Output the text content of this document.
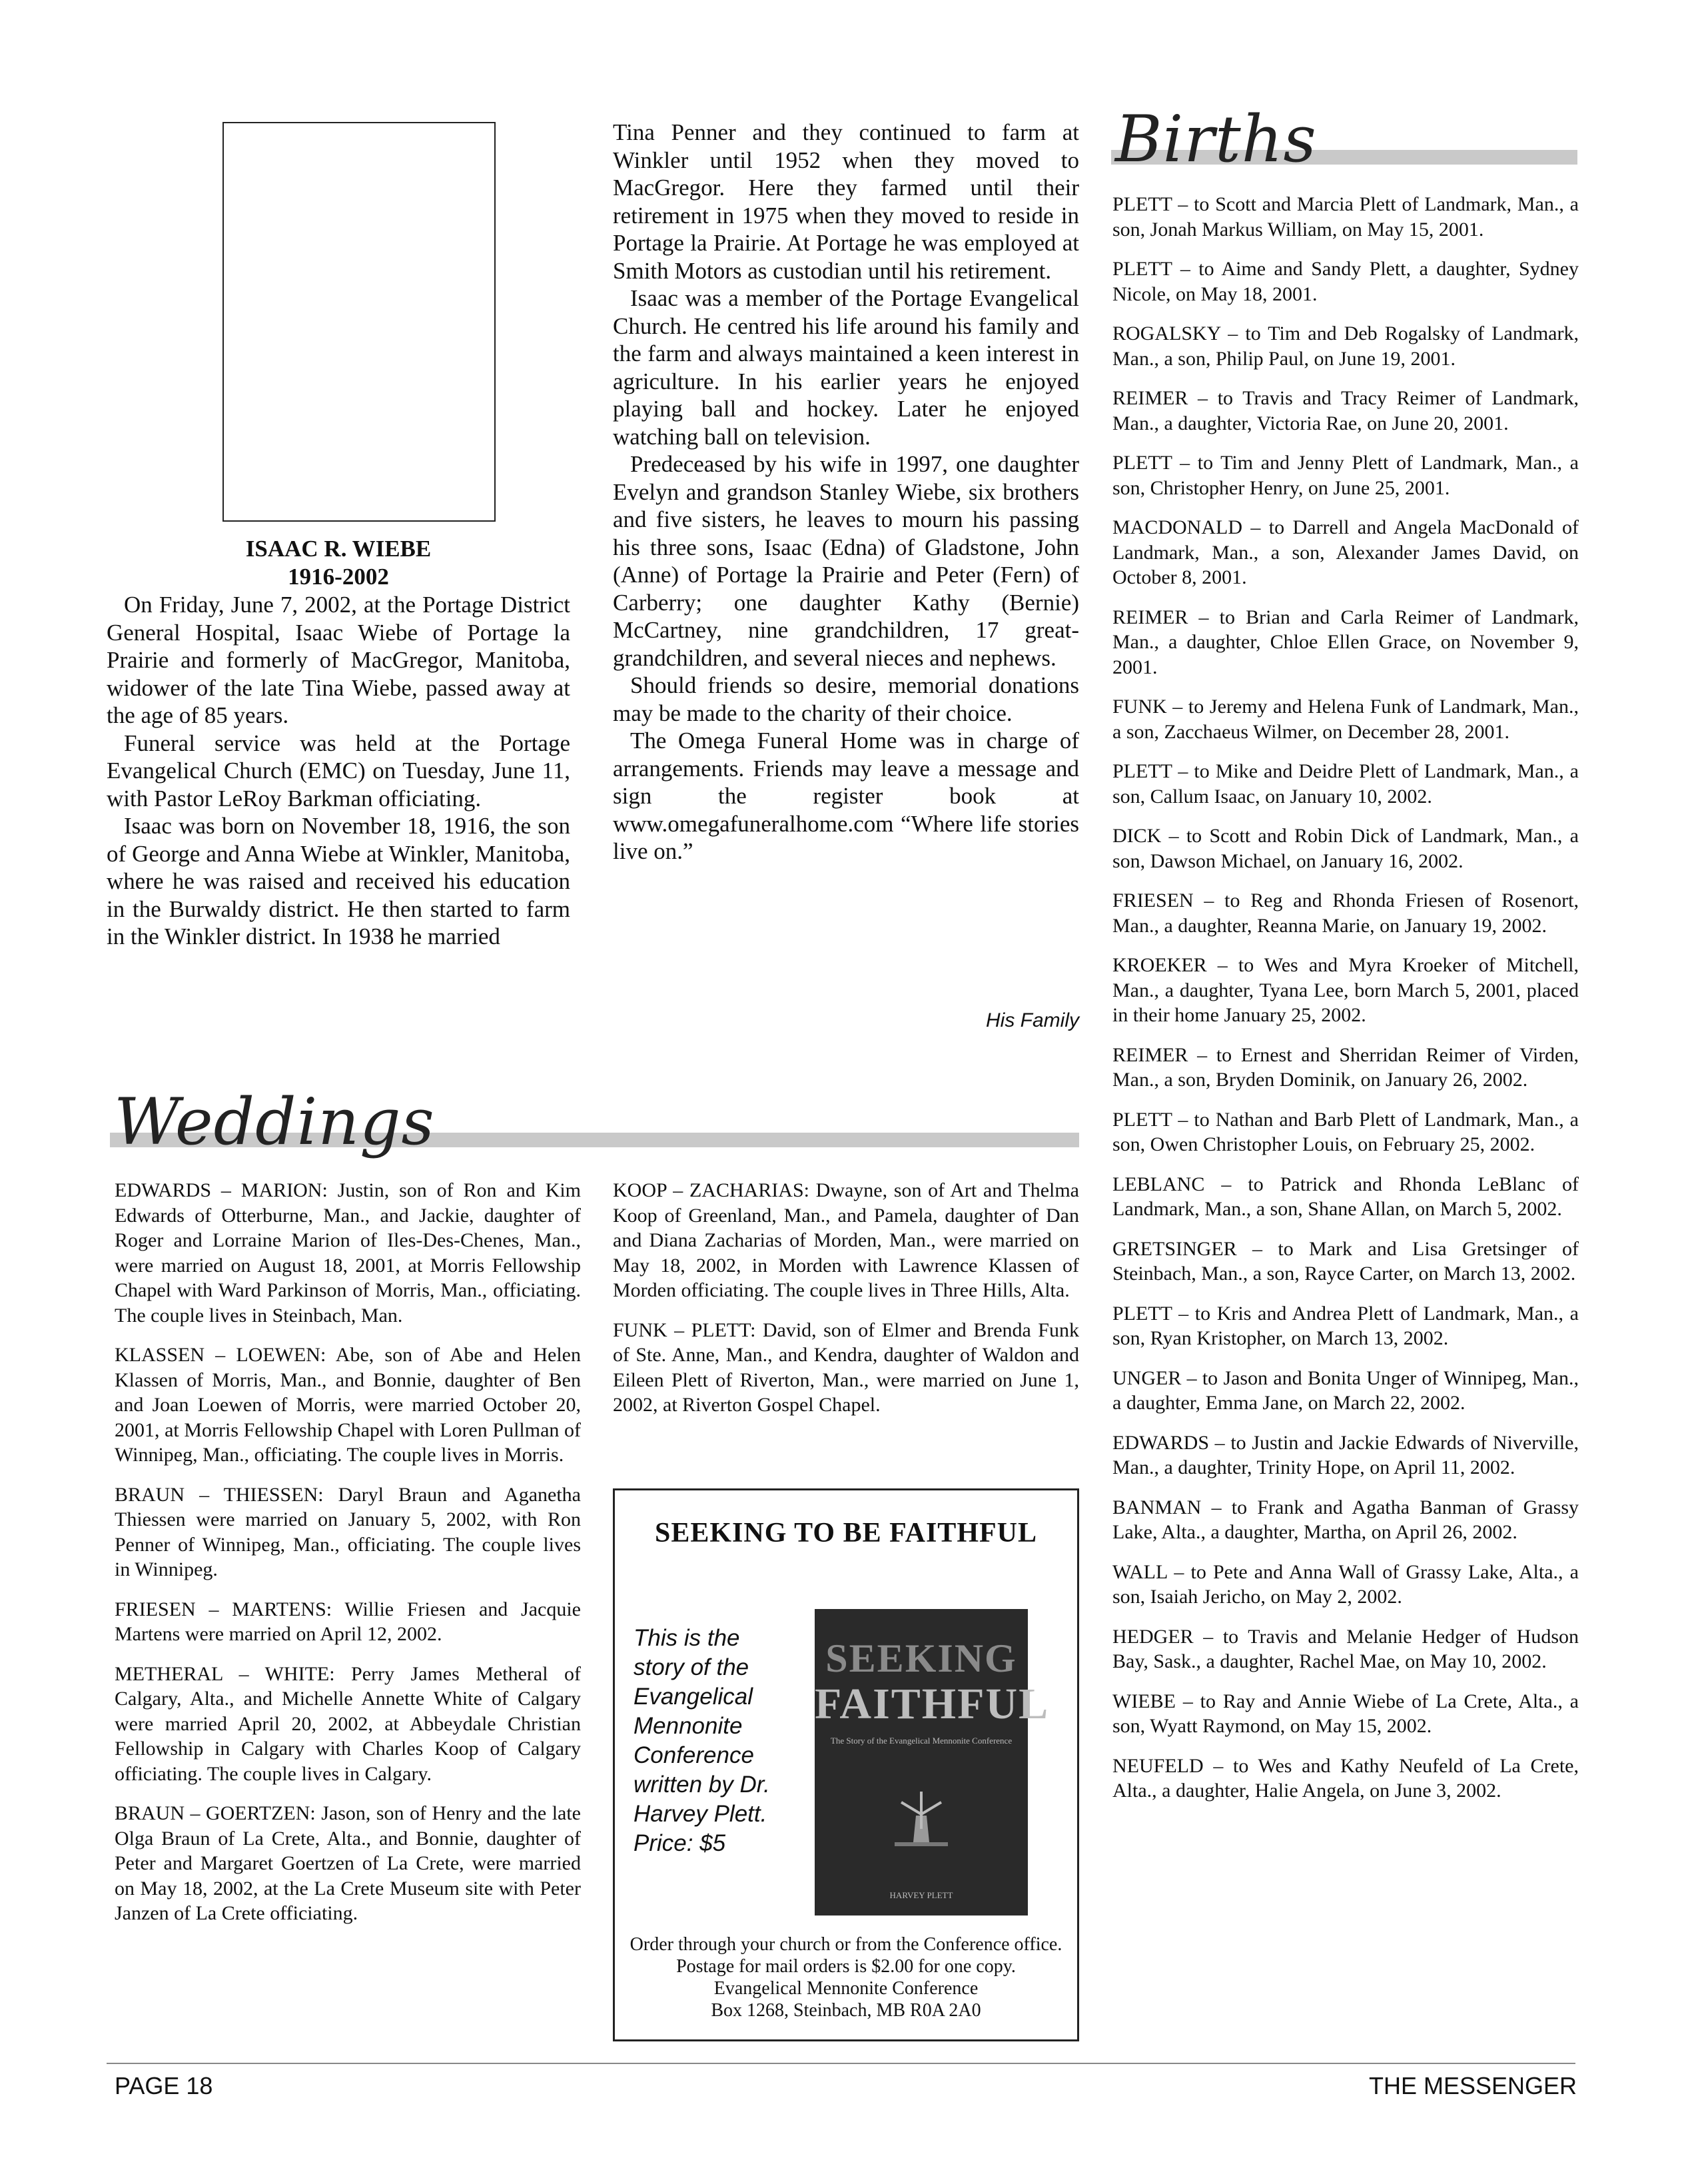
ISAAC R. WIEBE
1916-2002

On Friday, June 7, 2002, at the Portage District General Hospital, Isaac Wiebe of Portage la Prairie and formerly of MacGregor, Manitoba, widower of the late Tina Wiebe, passed away at the age of 85 years.

Funeral service was held at the Portage Evangelical Church (EMC) on Tuesday, June 11, with Pastor LeRoy Barkman officiating.

Isaac was born on November 18, 1916, the son of George and Anna Wiebe at Winkler, Manitoba, where he was raised and received his education in the Burwaldy district. He then started to farm in the Winkler district. In 1938 he married

Tina Penner and they continued to farm at Winkler until 1952 when they moved to MacGregor. Here they farmed until their retirement in 1975 when they moved to reside in Portage la Prairie. At Portage he was employed at Smith Motors as custodian until his retirement.

Isaac was a member of the Portage Evangelical Church. He centred his life around his family and the farm and always maintained a keen interest in agriculture. In his earlier years he enjoyed playing ball and hockey. Later he enjoyed watching ball on television.

Predeceased by his wife in 1997, one daughter Evelyn and grandson Stanley Wiebe, six brothers and five sisters, he leaves to mourn his passing his three sons, Isaac (Edna) of Gladstone, John (Anne) of Portage la Prairie and Peter (Fern) of Carberry; one daughter Kathy (Bernie) McCartney, nine grandchildren, 17 great-grandchildren, and several nieces and nephews.

Should friends so desire, memorial donations may be made to the charity of their choice.

The Omega Funeral Home was in charge of arrangements. Friends may leave a message and sign the register book at www.omegafuneralhome.com “Where life stories live on.”

His Family
Weddings

EDWARDS – MARION: Justin, son of Ron and Kim Edwards of Otterburne, Man., and Jackie, daughter of Roger and Lorraine Marion of Iles-Des-Chenes, Man., were married on August 18, 2001, at Morris Fellowship Chapel with Ward Parkinson of Morris, Man., officiating. The couple lives in Steinbach, Man.

KLASSEN – LOEWEN: Abe, son of Abe and Helen Klassen of Morris, Man., and Bonnie, daughter of Ben and Joan Loewen of Morris, were married October 20, 2001, at Morris Fellowship Chapel with Loren Pullman of Winnipeg, Man., officiating. The couple lives in Morris.

BRAUN – THIESSEN: Daryl Braun and Aganetha Thiessen were married on January 5, 2002, with Ron Penner of Winnipeg, Man., officiating. The couple lives in Winnipeg.

FRIESEN – MARTENS: Willie Friesen and Jacquie Martens were married on April 12, 2002.

METHERAL – WHITE: Perry James Metheral of Calgary, Alta., and Michelle Annette White of Calgary were married April 20, 2002, at Abbeydale Christian Fellowship in Calgary with Charles Koop of Calgary officiating. The couple lives in Calgary.

BRAUN – GOERTZEN: Jason, son of Henry and the late Olga Braun of La Crete, Alta., and Bonnie, daughter of Peter and Margaret Goertzen of La Crete, were married on May 18, 2002, at the La Crete Museum site with Peter Janzen of La Crete officiating.

KOOP – ZACHARIAS: Dwayne, son of Art and Thelma Koop of Greenland, Man., and Pamela, daughter of Dan and Diana Zacharias of Morden, Man., were married on May 18, 2002, in Morden with Lawrence Klassen of Morden officiating. The couple lives in Three Hills, Alta.

FUNK – PLETT: David, son of Elmer and Brenda Funk of Ste. Anne, Man., and Kendra, daughter of Waldon and Eileen Plett of Riverton, Man., were married on June 1, 2002, at Riverton Gospel Chapel.

SEEKING TO BE FAITHFUL
This is the story of the Evangelical Mennonite Conference written by Dr. Harvey Plett. Price: $5
SEEKING
FAITHFUL
The Story of the Evangelical Mennonite Conference
HARVEY PLETT
Order through your church or from the Conference office.
Postage for mail orders is $2.00 for one copy.
Evangelical Mennonite Conference
Box 1268, Steinbach, MB R0A 2A0
Births

PLETT – to Scott and Marcia Plett of Landmark, Man., a son, Jonah Markus William, on May 15, 2001.

PLETT – to Aime and Sandy Plett, a daughter, Sydney Nicole, on May 18, 2001.

ROGALSKY – to Tim and Deb Rogalsky of Landmark, Man., a son, Philip Paul, on June 19, 2001.

REIMER – to Travis and Tracy Reimer of Landmark, Man., a daughter, Victoria Rae, on June 20, 2001.

PLETT – to Tim and Jenny Plett of Landmark, Man., a son, Christopher Henry, on June 25, 2001.

MACDONALD – to Darrell and Angela MacDonald of Landmark, Man., a son, Alexander James David, on October 8, 2001.

REIMER – to Brian and Carla Reimer of Landmark, Man., a daughter, Chloe Ellen Grace, on November 9, 2001.

FUNK – to Jeremy and Helena Funk of Landmark, Man., a son, Zacchaeus Wilmer, on December 28, 2001.

PLETT – to Mike and Deidre Plett of Landmark, Man., a son, Callum Isaac, on January 10, 2002.

DICK – to Scott and Robin Dick of Landmark, Man., a son, Dawson Michael, on January 16, 2002.

FRIESEN – to Reg and Rhonda Friesen of Rosenort, Man., a daughter, Reanna Marie, on January 19, 2002.

KROEKER – to Wes and Myra Kroeker of Mitchell, Man., a daughter, Tyana Lee, born March 5, 2001, placed in their home January 25, 2002.

REIMER – to Ernest and Sherridan Reimer of Virden, Man., a son, Bryden Dominik, on January 26, 2002.

PLETT – to Nathan and Barb Plett of Landmark, Man., a son, Owen Christopher Louis, on February 25, 2002.

LEBLANC – to Patrick and Rhonda LeBlanc of Landmark, Man., a son, Shane Allan, on March 5, 2002.

GRETSINGER – to Mark and Lisa Gretsinger of Steinbach, Man., a son, Rayce Carter, on March 13, 2002.

PLETT – to Kris and Andrea Plett of Landmark, Man., a son, Ryan Kristopher, on March 13, 2002.

UNGER – to Jason and Bonita Unger of Winnipeg, Man., a daughter, Emma Jane, on March 22, 2002.

EDWARDS – to Justin and Jackie Edwards of Niverville, Man., a daughter, Trinity Hope, on April 11, 2002.

BANMAN – to Frank and Agatha Banman of Grassy Lake, Alta., a daughter, Martha, on April 26, 2002.

WALL – to Pete and Anna Wall of Grassy Lake, Alta., a son, Isaiah Jericho, on May 2, 2002.

HEDGER – to Travis and Melanie Hedger of Hudson Bay, Sask., a daughter, Rachel Mae, on May 10, 2002.

WIEBE – to Ray and Annie Wiebe of La Crete, Alta., a son, Wyatt Raymond, on May 15, 2002.

NEUFELD – to Wes and Kathy Neufeld of La Crete, Alta., a daughter, Halie Angela, on June 3, 2002.

PAGE 18	THE MESSENGER
